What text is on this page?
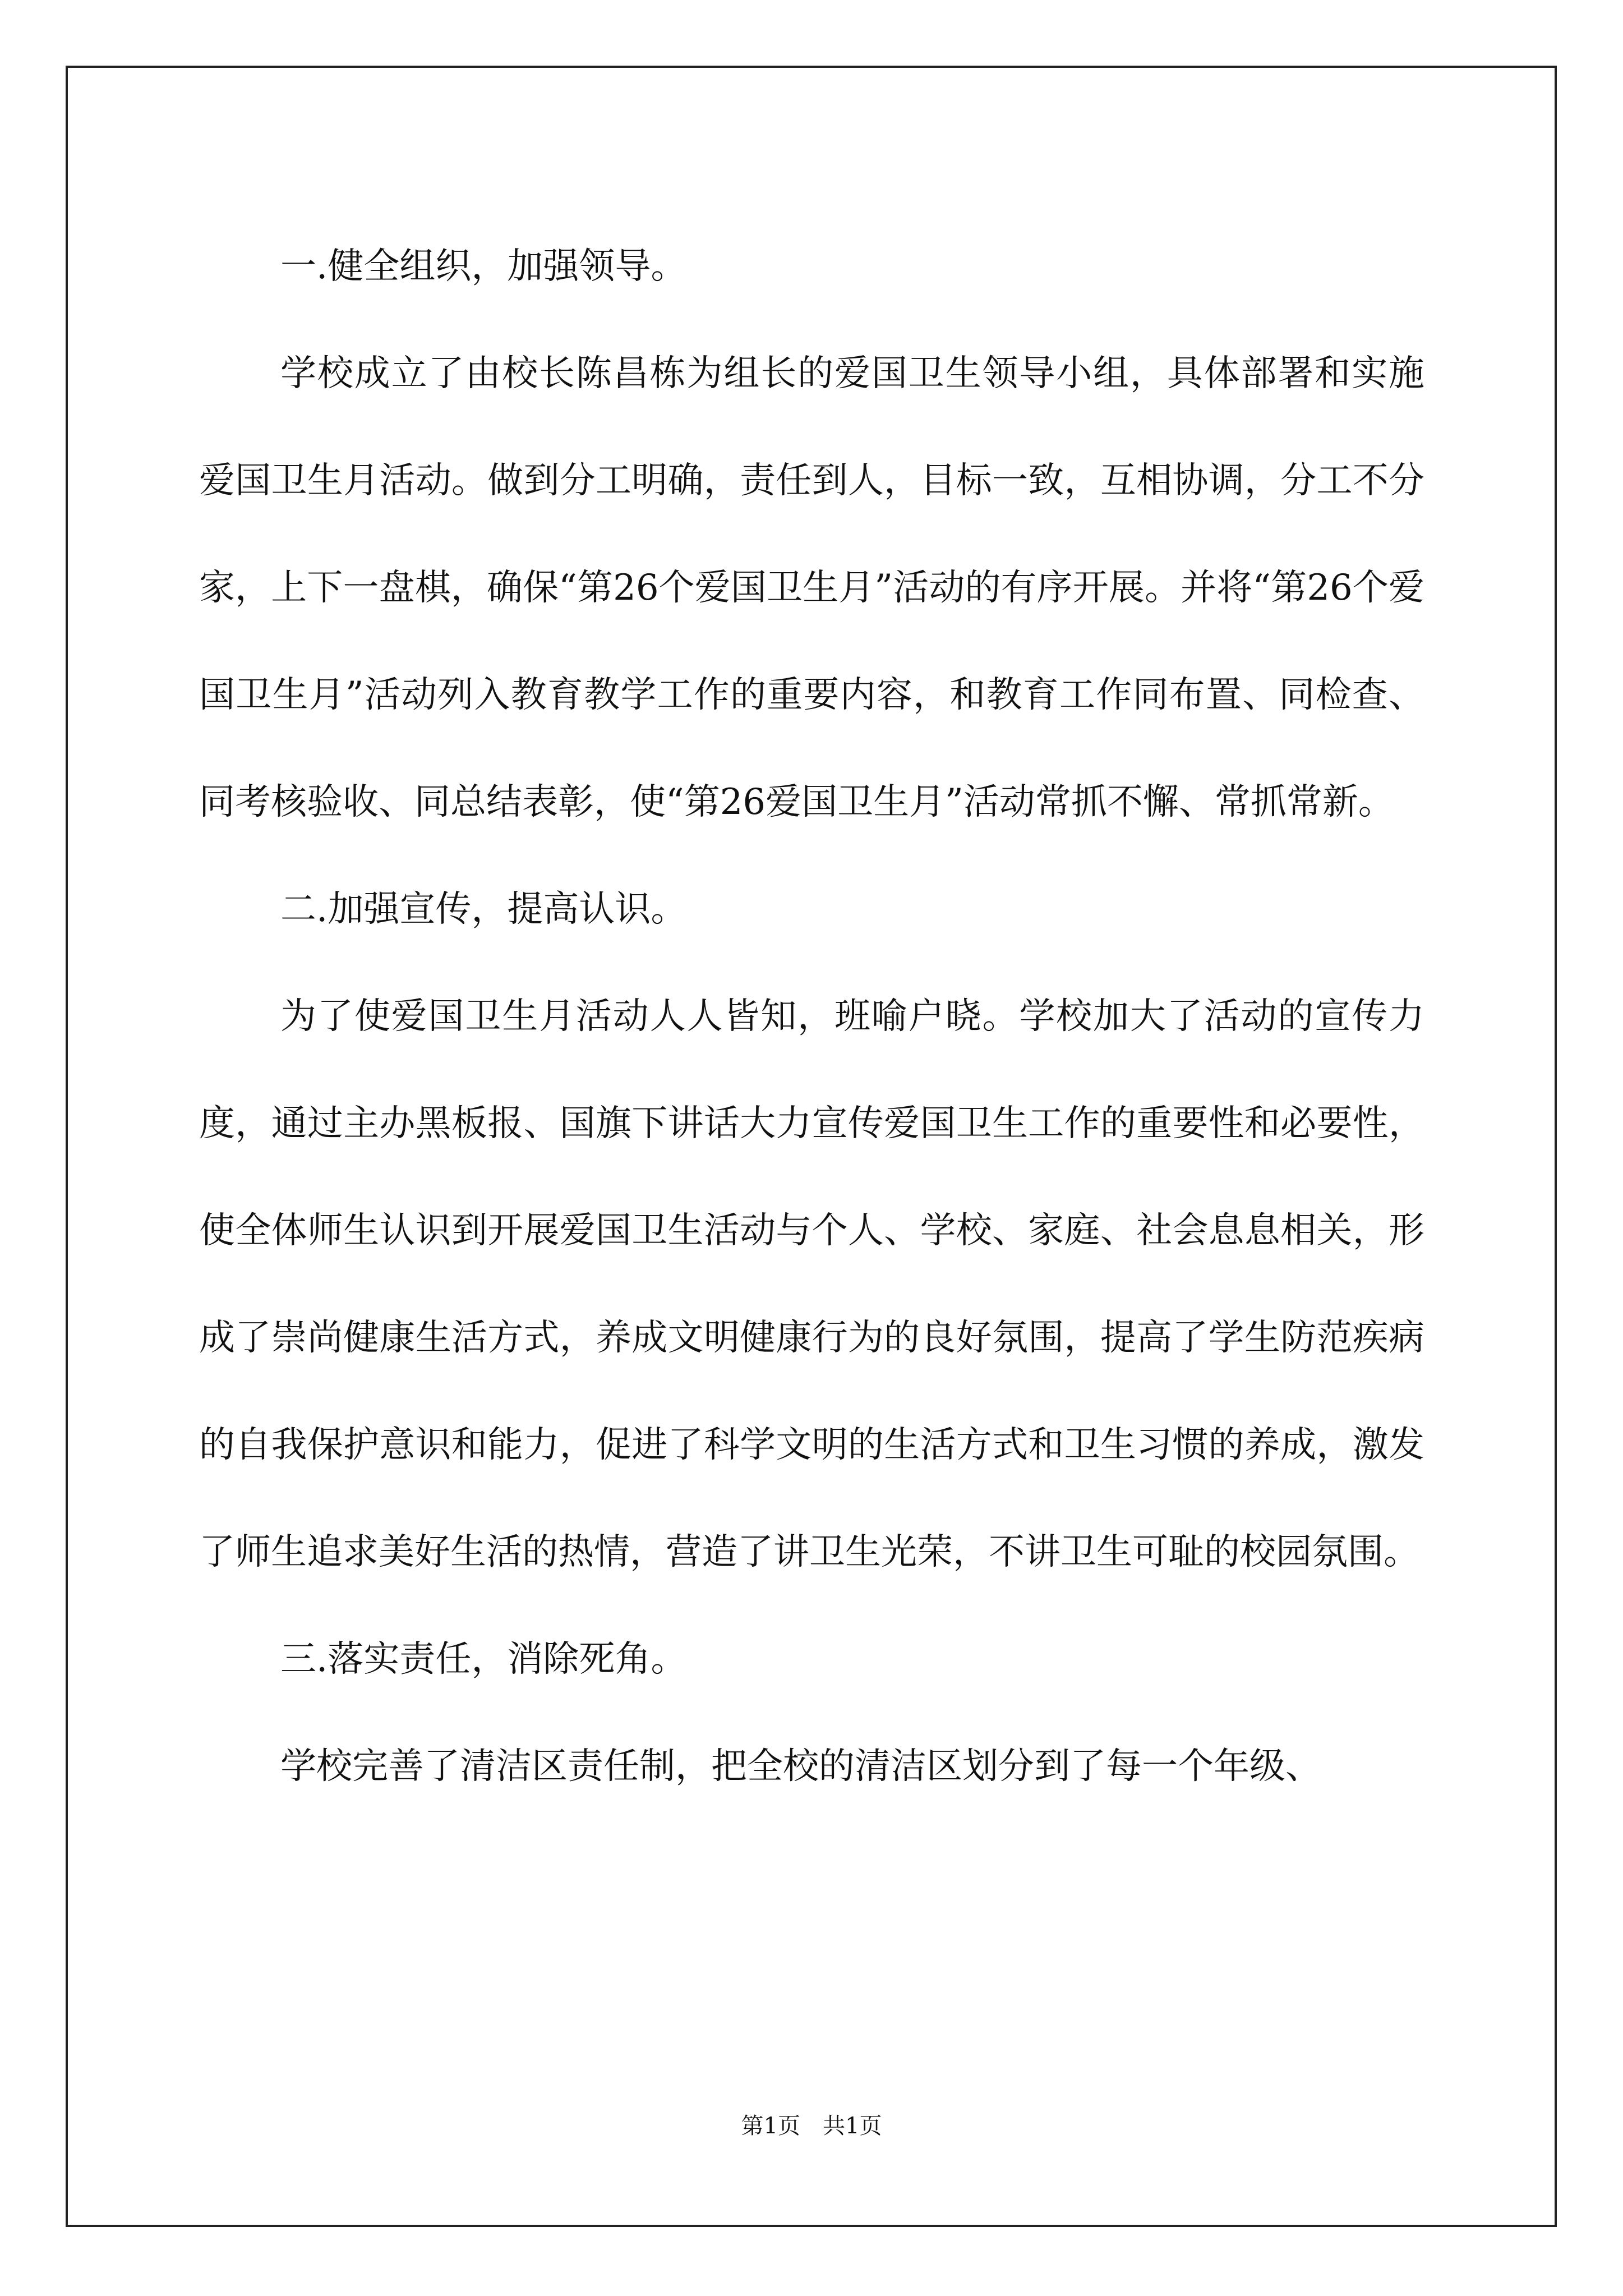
一.健全组织，加强领导。

学校成立了由校长陈昌栋为组长的爱国卫生领导小组，具体部署和实施爱国卫生月活动。做到分工明确，责任到人，目标一致，互相协调，分工不分家，上下一盘棋，确保“第26个爱国卫生月”活动的有序开展。并将“第26个爱国卫生月”活动列入教育教学工作的重要内容，和教育工作同布置、同检查、同考核验收、同总结表彰，使“第26爱国卫生月”活动常抓不懈、常抓常新。

二.加强宣传，提高认识。

为了使爱国卫生月活动人人皆知，班喻户晓。学校加大了活动的宣传力度，通过主办黑板报、国旗下讲话大力宣传爱国卫生工作的重要性和必要性，使全体师生认识到开展爱国卫生活动与个人、学校、家庭、社会息息相关，形成了崇尚健康生活方式，养成文明健康行为的良好氛围，提高了学生防范疾病的自我保护意识和能力，促进了科学文明的生活方式和卫生习惯的养成，激发了师生追求美好生活的热情，营造了讲卫生光荣，不讲卫生可耻的校园氛围。

三.落实责任，消除死角。

学校完善了清洁区责任制，把全校的清洁区划分到了每一个年级、

第1页　共1页
